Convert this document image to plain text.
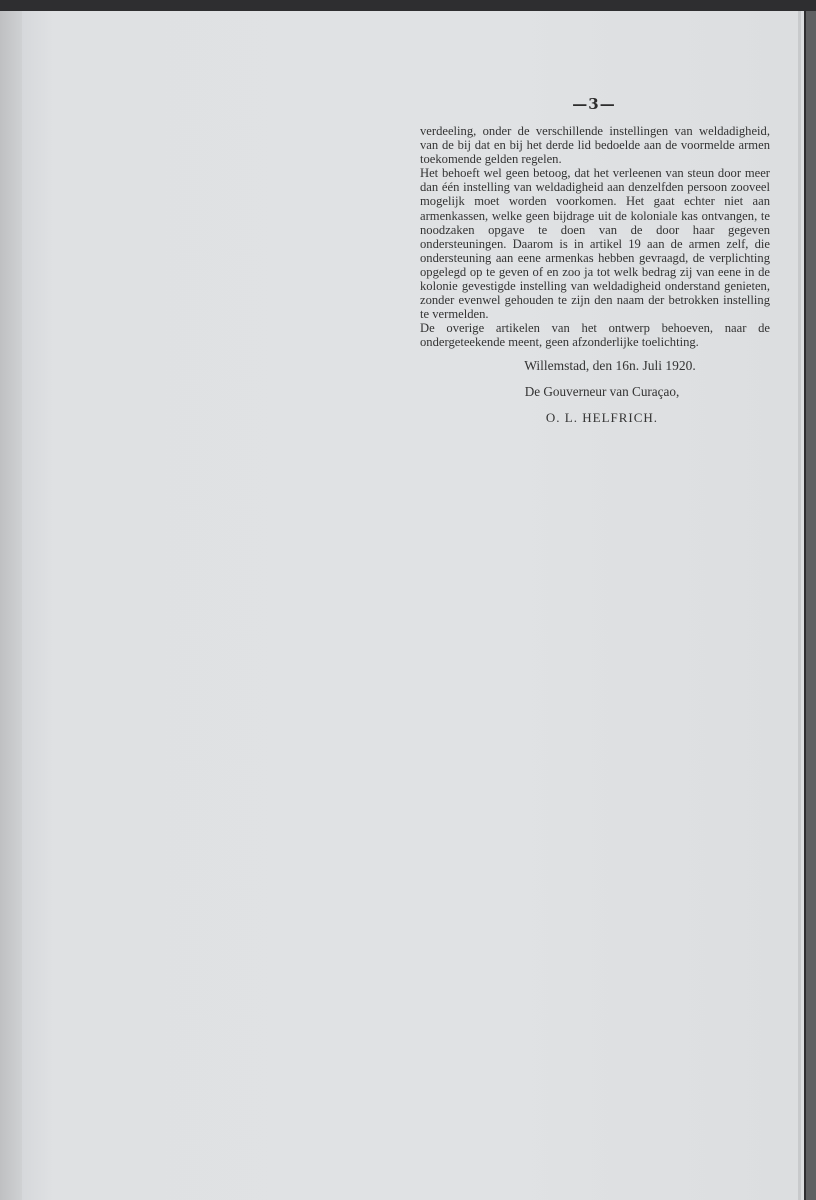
—3—

verdeeling, onder de verschillende instellingen van weldadigheid, van de bij dat en bij het derde lid bedoelde aan de voormelde armen toekomende gelden regelen.

Het behoeft wel geen betoog, dat het verleenen van steun door meer dan één instelling van weldadigheid aan denzelfden persoon zooveel mogelijk moet worden voorkomen. Het gaat echter niet aan armenkassen, welke geen bijdrage uit de koloniale kas ontvangen, te noodzaken opgave te doen van de door haar gegeven ondersteuningen. Daarom is in artikel 19 aan de armen zelf, die ondersteuning aan eene armenkas hebben gevraagd, de verplichting opgelegd op te geven of en zoo ja tot welk bedrag zij van eene in de kolonie gevestigde instelling van weldadigheid onderstand genieten, zonder evenwel gehouden te zijn den naam der betrokken instelling te vermelden.

De overige artikelen van het ontwerp behoeven, naar de ondergeteekende meent, geen afzonderlijke toelichting.

Willemstad, den 16n. Juli 1920.
De Gouverneur van Curaçao,
O. L. HELFRICH.
